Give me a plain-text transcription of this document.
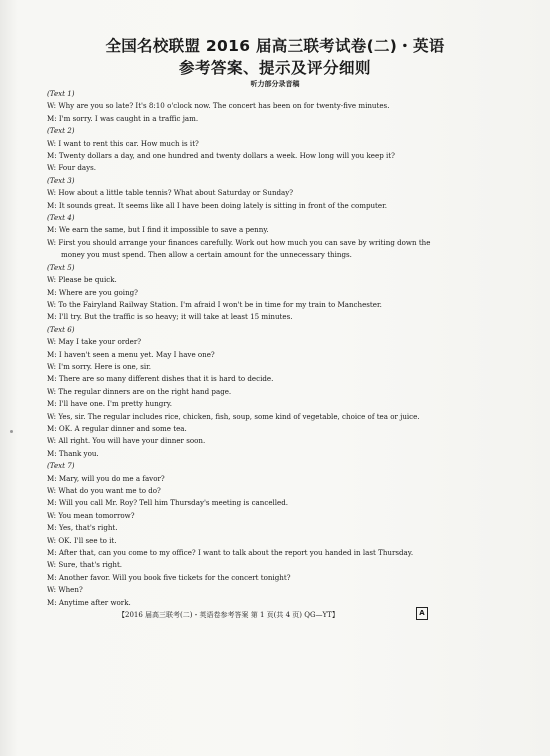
全国名校联盟 2016 届高三联考试卷(二)・英语
参考答案、提示及评分细则
听力部分录音稿
(Text 1)
W: Why are you so late? It's 8:10 o'clock now. The concert has been on for twenty-five minutes.
M: I'm sorry. I was caught in a traffic jam.
(Text 2)
W: I want to rent this car. How much is it?
M: Twenty dollars a day, and one hundred and twenty dollars a week. How long will you keep it?
W: Four days.
(Text 3)
W: How about a little table tennis? What about Saturday or Sunday?
M: It sounds great. It seems like all I have been doing lately is sitting in front of the computer.
(Text 4)
M: We earn the same, but I find it impossible to save a penny.
W: First you should arrange your finances carefully. Work out how much you can save by writing down the
money you must spend. Then allow a certain amount for the unnecessary things.
(Text 5)
W: Please be quick.
M: Where are you going?
W: To the Fairyland Railway Station. I'm afraid I won't be in time for my train to Manchester.
M: I'll try. But the traffic is so heavy; it will take at least 15 minutes.
(Text 6)
W: May I take your order?
M: I haven't seen a menu yet. May I have one?
W: I'm sorry. Here is one, sir.
M: There are so many different dishes that it is hard to decide.
W: The regular dinners are on the right hand page.
M: I'll have one. I'm pretty hungry.
W: Yes, sir. The regular includes rice, chicken, fish, soup, some kind of vegetable, choice of tea or juice.
M: OK. A regular dinner and some tea.
W: All right. You will have your dinner soon.
M: Thank you.
(Text 7)
M: Mary, will you do me a favor?
W: What do you want me to do?
M: Will you call Mr. Roy? Tell him Thursday's meeting is cancelled.
W: You mean tomorrow?
M: Yes, that's right.
W: OK. I'll see to it.
M: After that, can you come to my office? I want to talk about the report you handed in last Thursday.
W: Sure, that's right.
M: Another favor. Will you book five tickets for the concert tonight?
W: When?
M: Anytime after work.
【2016 届高三联考(二)・英语卷参考答案 第 1 页(共 4 页) QG—YT】	A
